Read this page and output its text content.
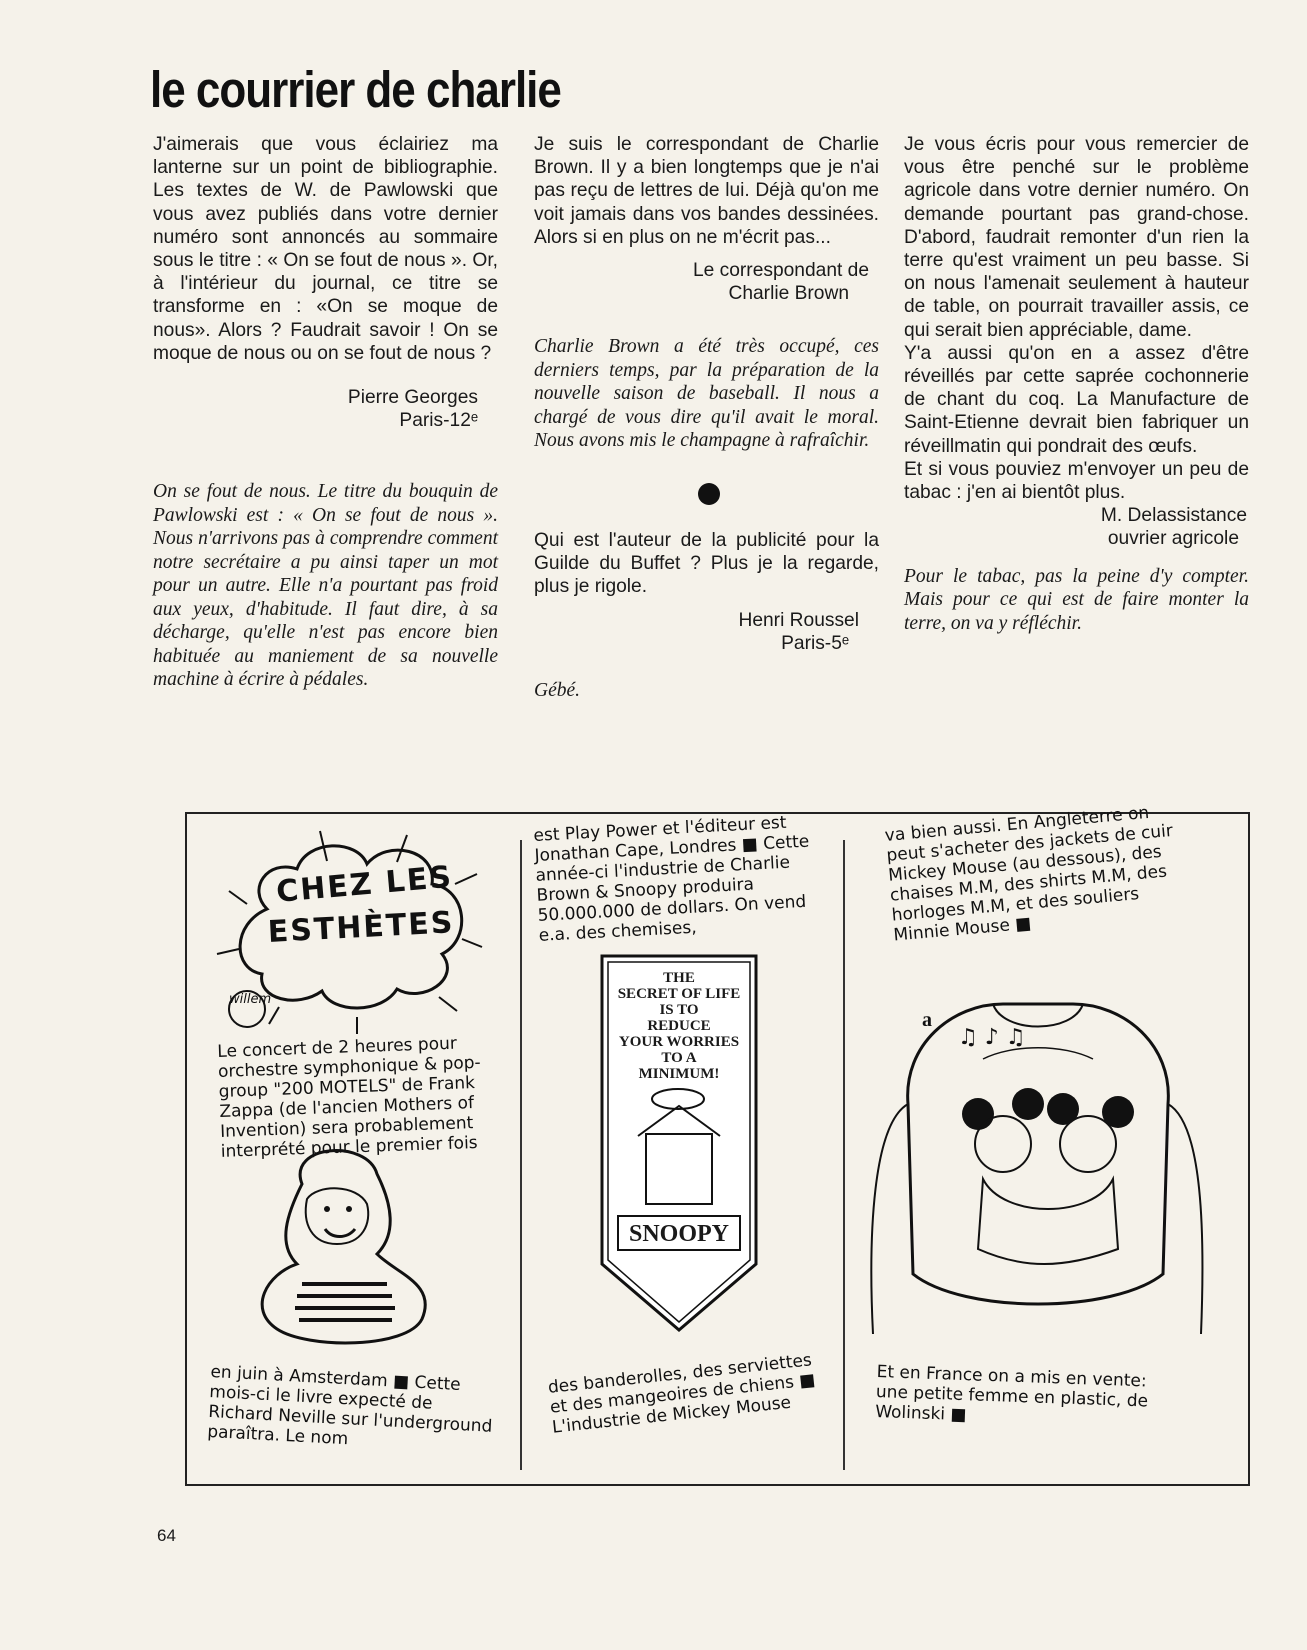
le courrier de charlie

J'aimerais que vous éclairiez ma lanterne sur un point de bibliographie. Les textes de W. de Pawlowski que vous avez publiés dans votre dernier numéro sont annoncés au sommaire sous le titre : « On se fout de nous ». Or, à l'intérieur du journal, ce titre se transforme en : «On se moque de nous». Alors ? Faudrait savoir ! On se moque de nous ou on se fout de nous ?

Pierre Georges

Paris-12ᵉ

On se fout de nous. Le titre du bouquin de Pawlowski est : « On se fout de nous ». Nous n'arrivons pas à comprendre comment notre secrétaire a pu ainsi taper un mot pour un autre. Elle n'a pourtant pas froid aux yeux, d'habitude. Il faut dire, à sa décharge, qu'elle n'est pas encore bien habituée au maniement de sa nouvelle machine à écrire à pédales.

Je suis le correspondant de Charlie Brown. Il y a bien longtemps que je n'ai pas reçu de lettres de lui. Déjà qu'on me voit jamais dans vos bandes dessinées. Alors si en plus on ne m'écrit pas...

Le correspondant de

Charlie Brown

Charlie Brown a été très occupé, ces derniers temps, par la préparation de la nouvelle saison de baseball. Il nous a chargé de vous dire qu'il avait le moral. Nous avons mis le champagne à rafraîchir.

Qui est l'auteur de la publicité pour la Guilde du Buffet ? Plus je la regarde, plus je rigole.

Henri Roussel

Paris-5ᵉ

Gébé.

Je vous écris pour vous remercier de vous être penché sur le problème agricole dans votre dernier numéro. On demande pourtant pas grand-chose. D'abord, faudrait remonter d'un rien la terre qu'est vraiment un peu basse. Si on nous l'amenait seulement à hauteur de table, on pourrait travailler assis, ce qui serait bien appréciable, dame.

Y'a aussi qu'on en a assez d'être réveillés par cette saprée cochonnerie de chant du coq. La Manufacture de Saint-Etienne devrait bien fabriquer un réveillmatin qui pondrait des œufs.

Et si vous pouviez m'envoyer un peu de tabac : j'en ai bientôt plus.

M. Delassistance

ouvrier agricole

Pour le tabac, pas la peine d'y compter. Mais pour ce qui est de faire monter la terre, on va y réfléchir.

CHEZ LES
ESTHÈTES
willem
Le concert de 2 heures pour orchestre symphonique & pop-group "200 MOTELS" de Frank Zappa (de l'ancien Mothers of Invention) sera probablement interprété pour le premier fois
en juin à Amsterdam ■ Cette mois-ci le livre expecté de Richard Neville sur l'underground paraîtra. Le nom
est Play Power et l'éditeur est Jonathan Cape, Londres ■ Cette année-ci l'industrie de Charlie Brown & Snoopy produira 50.000.000 de dollars. On vend e.a. des chemises,
THE
SECRET OF LIFE
IS TO
REDUCE
YOUR WORRIES
TO A
MINIMUM!
SNOOPY
des banderolles, des serviettes et des mangeoires de chiens ■ L'industrie de Mickey Mouse
va bien aussi. En Angleterre on peut s'acheter des jackets de cuir Mickey Mouse (au dessous), des chaises M.M, des shirts M.M, des horloges M.M, et des souliers Minnie Mouse ■
a
♫ ♪ ♫
Et en France on a mis en vente: une petite femme en plastic, de Wolinski ■
64
